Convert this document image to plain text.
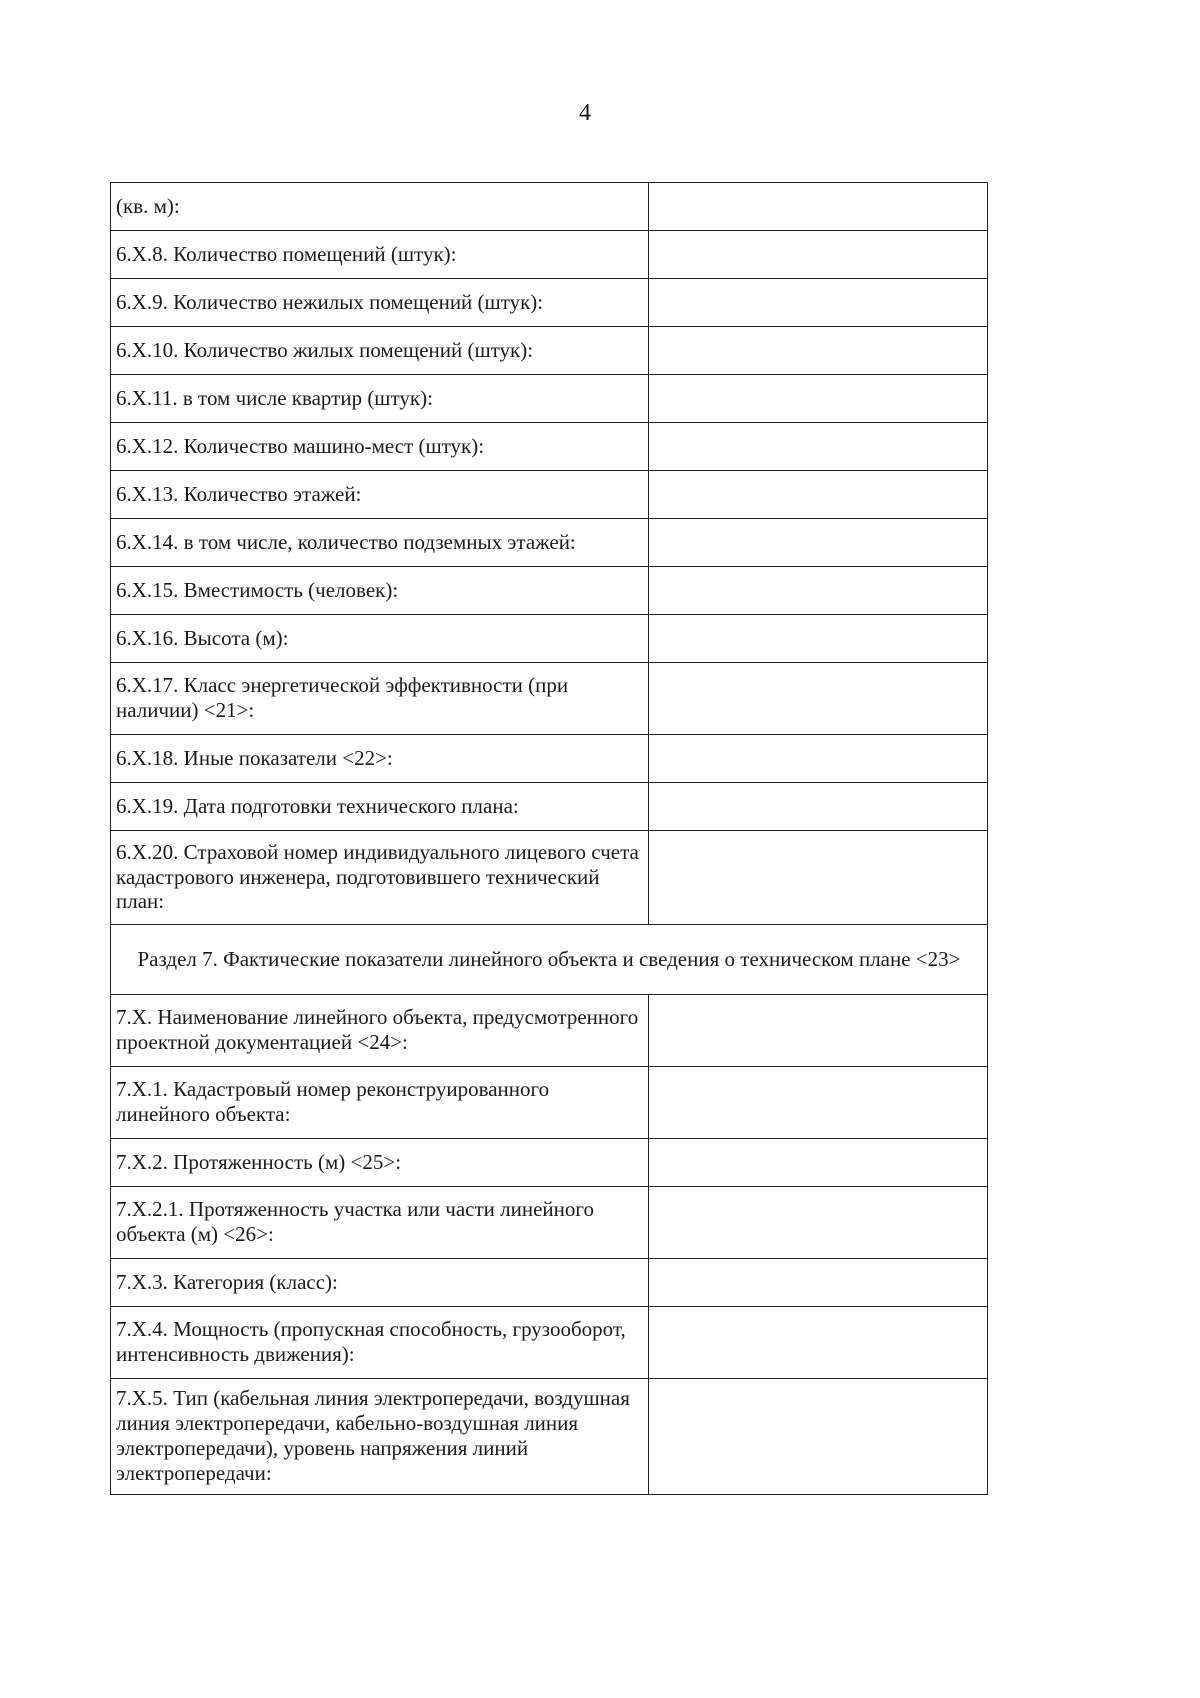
4
(кв. м):	
6.Х.8. Количество помещений (штук):	
6.Х.9. Количество нежилых помещений (штук):	
6.Х.10. Количество жилых помещений (штук):	
6.Х.11. в том числе квартир (штук):	
6.Х.12. Количество машино-мест (штук):	
6.Х.13. Количество этажей:	
6.Х.14. в том числе, количество подземных этажей:	
6.Х.15. Вместимость (человек):	
6.Х.16. Высота (м):	
6.Х.17. Класс энергетической эффективности (при наличии) <21>:	
6.Х.18. Иные показатели <22>:	
6.Х.19. Дата подготовки технического плана:	
6.Х.20. Страховой номер индивидуального лицевого счета кадастрового инженера, подготовившего технический план:	
Раздел 7. Фактические показатели линейного объекта и сведения о техническом плане <23>	
7.Х. Наименование линейного объекта, предусмотренного проектной документацией <24>:	
7.Х.1. Кадастровый номер реконструированного линейного объекта:	
7.Х.2. Протяженность (м) <25>:	
7.Х.2.1. Протяженность участка или части линейного объекта (м) <26>:	
7.Х.3. Категория (класс):	
7.Х.4. Мощность (пропускная способность, грузооборот, интенсивность движения):	
7.Х.5. Тип (кабельная линия электропередачи, воздушная линия электропередачи, кабельно-воздушная линия электропередачи), уровень напряжения линий электропередачи:	
